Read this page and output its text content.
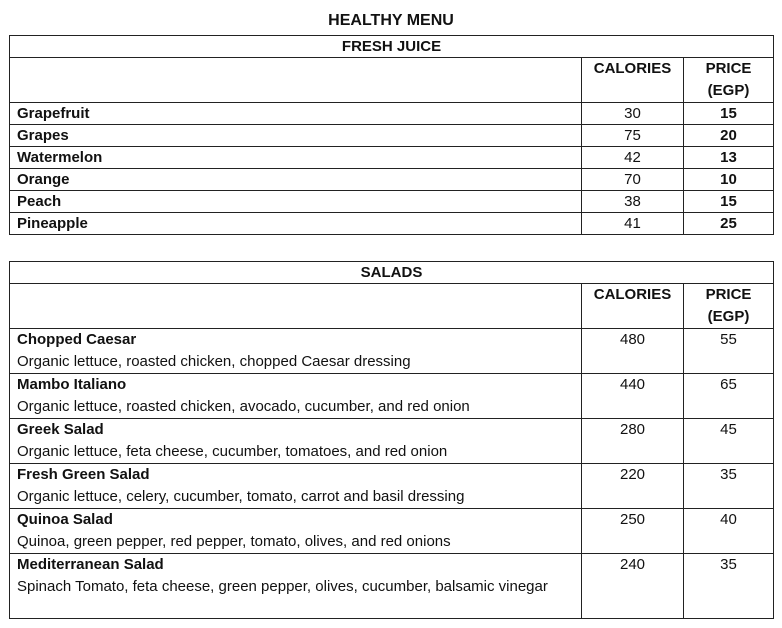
HEALTHY MENU
FRESH JUICE		
	CALORIES	PRICE
(EGP)
Grapefruit	30	15
Grapes	75	20
Watermelon	42	13
Orange	70	10
Peach	38	15
Pineapple	41	25
SALADS		
	CALORIES	PRICE
(EGP)

Chopped Caesar
Organic lettuce, roasted chicken, chopped Caesar dressing	480	55

Mambo Italiano
Organic lettuce, roasted chicken, avocado, cucumber, and red onion	440	65

Greek Salad
Organic lettuce, feta cheese, cucumber, tomatoes, and red onion	280	45

Fresh Green Salad
Organic lettuce, celery, cucumber, tomato, carrot and basil dressing	220	35

Quinoa Salad
Quinoa, green pepper, red pepper, tomato, olives, and red onions	250	40

Mediterranean Salad
Spinach Tomato, feta cheese, green pepper, olives, cucumber, balsamic vinegar	240	35
